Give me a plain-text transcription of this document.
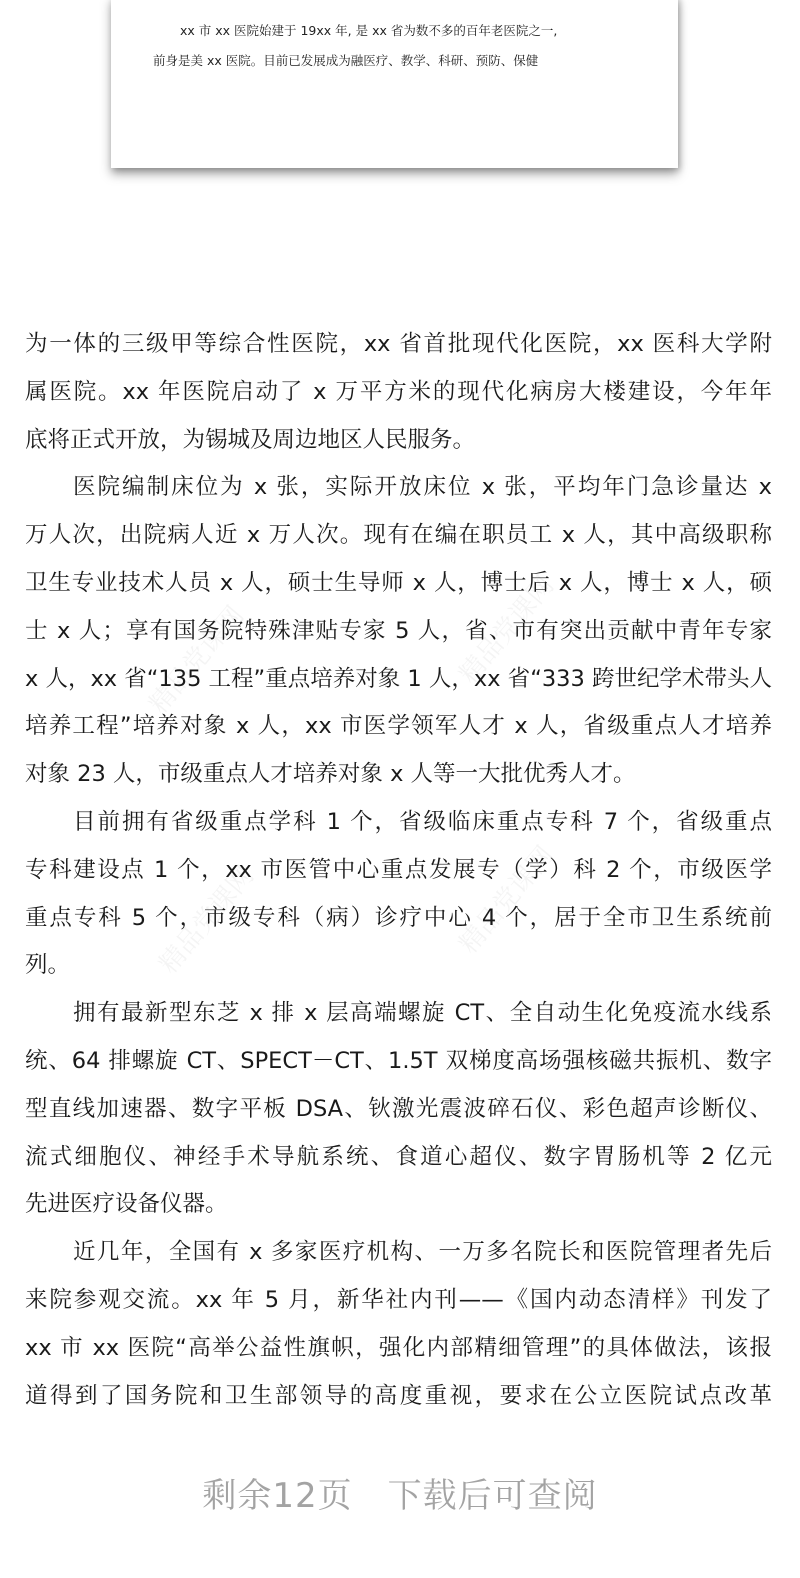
xx 市 xx 医院始建于 19xx 年, 是 xx 省为数不多的百年老医院之一,
前身是美 xx 医院。目前已发展成为融医疗、教学、科研、预防、保健
为一体的三级甲等综合性医院，xx 省首批现代化医院，xx 医科大学附
属医院。xx 年医院启动了 x 万平方米的现代化病房大楼建设，今年年
底将正式开放，为锡城及周边地区人民服务。
医院编制床位为 x 张，实际开放床位 x 张，平均年门急诊量达 x
万人次，出院病人近 x 万人次。现有在编在职员工 x 人，其中高级职称
卫生专业技术人员 x 人，硕士生导师 x 人，博士后 x 人，博士 x 人，硕
士 x 人；享有国务院特殊津贴专家 5 人，省、市有突出贡献中青年专家
x 人，xx 省“135 工程”重点培养对象 1 人，xx 省“333 跨世纪学术带头人
培养工程”培养对象 x 人，xx 市医学领军人才 x 人，省级重点人才培养
对象 23 人，市级重点人才培养对象 x 人等一大批优秀人才。
目前拥有省级重点学科 1 个，省级临床重点专科 7 个，省级重点
专科建设点 1 个，xx 市医管中心重点发展专（学）科 2 个，市级医学
重点专科 5 个，市级专科（病）诊疗中心 4 个，居于全市卫生系统前
列。
拥有最新型东芝 x 排 x 层高端螺旋 CT、全自动生化免疫流水线系
统、64 排螺旋 CT、SPECT－CT、1.5T 双梯度高场强核磁共振机、数字
型直线加速器、数字平板 DSA、钬激光震波碎石仪、彩色超声诊断仪、
流式细胞仪、神经手术导航系统、食道心超仪、数字胃肠机等 2 亿元
先进医疗设备仪器。
近几年，全国有 x 多家医疗机构、一万多名院长和医院管理者先后
来院参观交流。xx 年 5 月，新华社内刊——《国内动态清样》刊发了
xx 市 xx 医院“高举公益性旗帜，强化内部精细管理”的具体做法，该报
道得到了国务院和卫生部领导的高度重视，要求在公立医院试点改革
剩余12页　下载后可查阅
